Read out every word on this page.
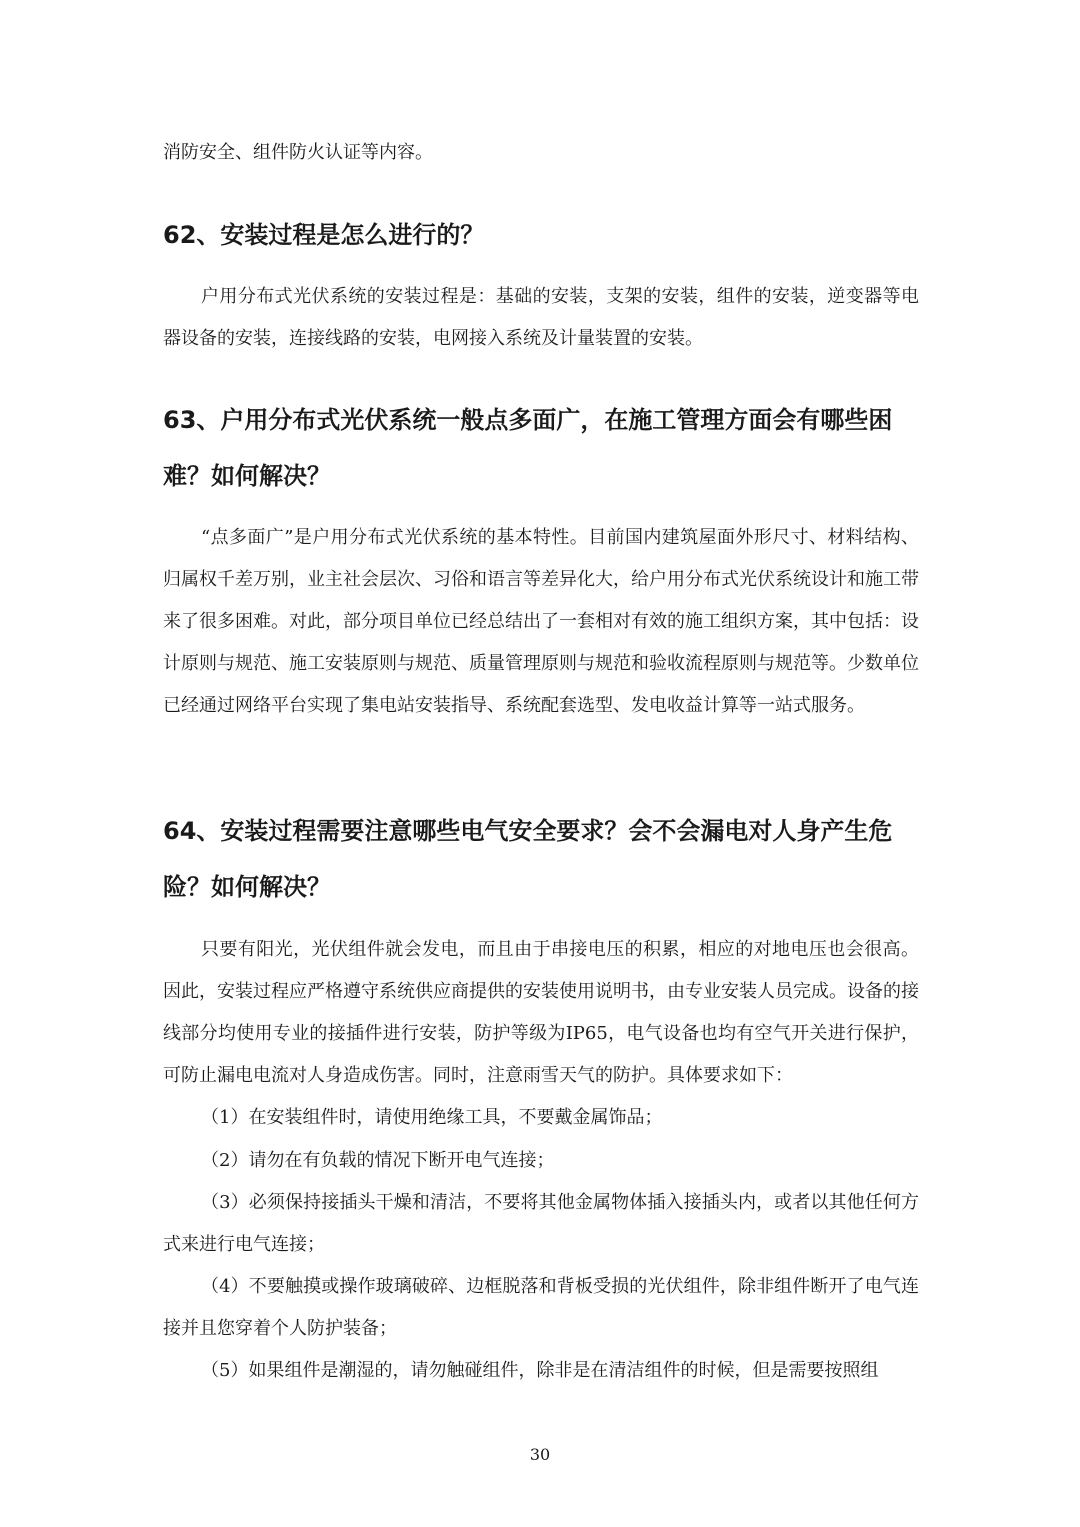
消防安全、组件防火认证等内容。

62、安装过程是怎么进行的？

户用分布式光伏系统的安装过程是：基础的安装，支架的安装，组件的安装，逆变器等电器设备的安装，连接线路的安装，电网接入系统及计量装置的安装。

63、户用分布式光伏系统一般点多面广，在施工管理方面会有哪些困难？如何解决？

“点多面广”是户用分布式光伏系统的基本特性。目前国内建筑屋面外形尺寸、材料结构、归属权千差万别，业主社会层次、习俗和语言等差异化大，给户用分布式光伏系统设计和施工带来了很多困难。对此，部分项目单位已经总结出了一套相对有效的施工组织方案，其中包括：设计原则与规范、施工安装原则与规范、质量管理原则与规范和验收流程原则与规范等。少数单位已经通过网络平台实现了集电站安装指导、系统配套选型、发电收益计算等一站式服务。

64、安装过程需要注意哪些电气安全要求？会不会漏电对人身产生危险？如何解决？

只要有阳光，光伏组件就会发电，而且由于串接电压的积累，相应的对地电压也会很高。因此，安装过程应严格遵守系统供应商提供的安装使用说明书，由专业安装人员完成。设备的接线部分均使用专业的接插件进行安装，防护等级为IP65，电气设备也均有空气开关进行保护，可防止漏电电流对人身造成伤害。同时，注意雨雪天气的防护。具体要求如下：

（1）在安装组件时，请使用绝缘工具，不要戴金属饰品；

（2）请勿在有负载的情况下断开电气连接；

（3）必须保持接插头干燥和清洁，不要将其他金属物体插入接插头内，或者以其他任何方式来进行电气连接；

（4）不要触摸或操作玻璃破碎、边框脱落和背板受损的光伏组件，除非组件断开了电气连接并且您穿着个人防护装备；

（5）如果组件是潮湿的，请勿触碰组件，除非是在清洁组件的时候，但是需要按照组

30
